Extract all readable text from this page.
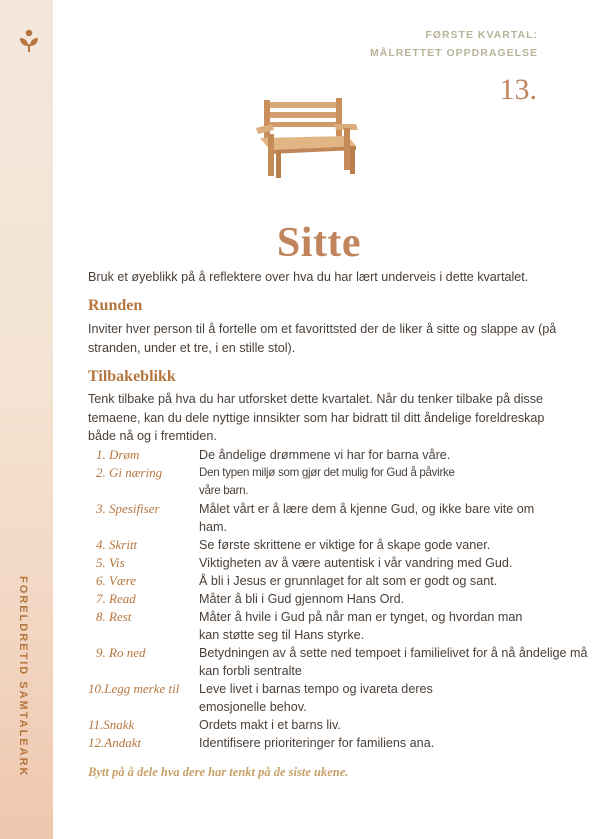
FORELDRETID SAMTALEARK
FØRSTE KVARTAL:
MÅLRETTET OPPDRAGELSE
13.
Sitte
Bruk et øyeblikk på å reflektere over hva du har lært underveis i dette kvartalet.
Runden
Inviter hver person til å fortelle om et favorittsted der de liker å sitte og slappe av (på stranden, under et tre, i en stille stol).
Tilbakeblikk
Tenk tilbake på hva du har utforsket dette kvartalet. Når du tenker tilbake på disse temaene, kan du dele nyttige innsikter som har bidratt til ditt åndelige foreldreskap både nå og i fremtiden.
1. Drøm	De åndelige drømmene vi har for barna våre.
2. Gi næring	Den typen miljø som gjør det mulig for Gud å påvirke
våre barn.
3. Spesifiser	Målet vårt er å lære dem å kjenne Gud, og ikke bare vite om
ham.
4. Skritt	Se første skrittene er viktige for å skape gode vaner.
5. Vis	Viktigheten av å være autentisk i vår vandring med Gud.
6. Være	Å bli i Jesus er grunnlaget for alt som er godt og sant.
7. Read	Måter å bli i Gud gjennom Hans Ord.
8. Rest	Måter å hvile i Gud på når man er tynget, og hvordan man
kan støtte seg til Hans styrke.
9. Ro ned	Betydningen av å sette ned tempoet i familielivet for å nå åndelige må
kan forbli sentralte
10.Legg merke til	Leve livet i barnas tempo og ivareta deres
emosjonelle behov.
11.Snakk	Ordets makt i et barns liv.
12.Andakt	Identifisere prioriteringer for familiens ana.
Bytt på å dele hva dere har tenkt på de siste ukene.
